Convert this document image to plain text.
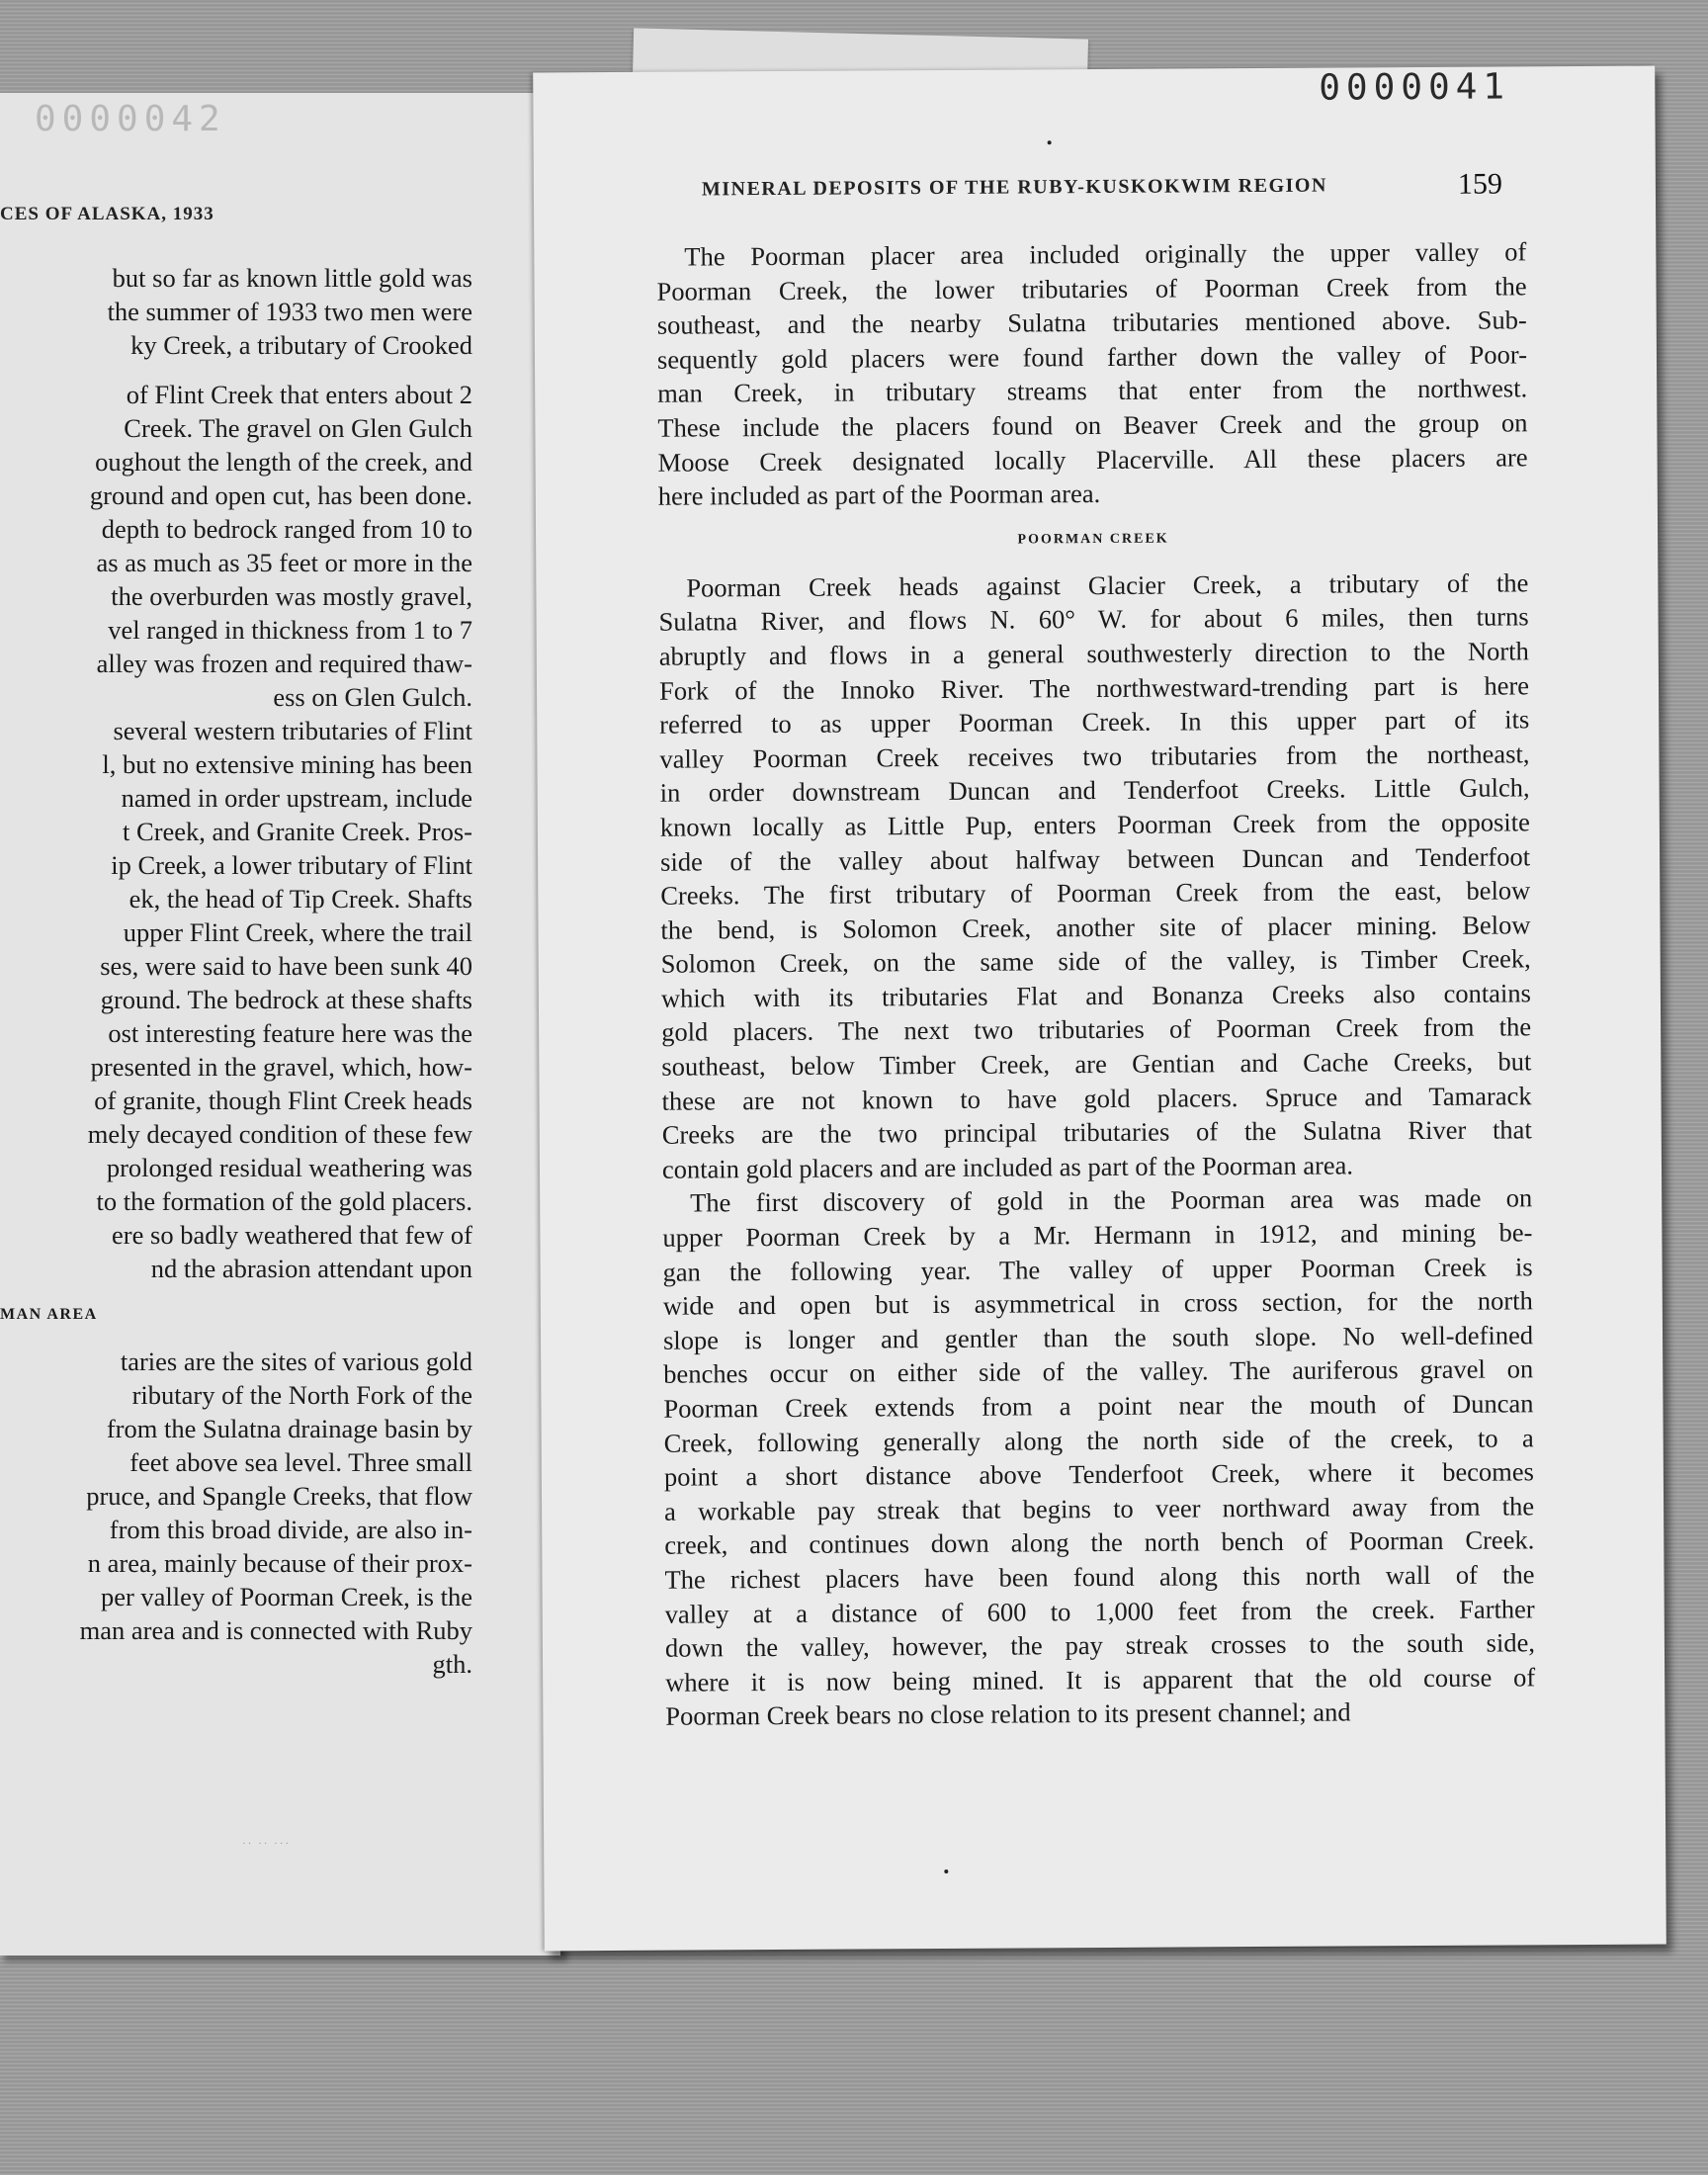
0000042
CES OF ALASKA, 1933
but so far as known little gold was
the summer of 1933 two men were
ky Creek, a tributary of Crooked
of Flint Creek that enters about 2
Creek. The gravel on Glen Gulch
oughout the length of the creek, and
ground and open cut, has been done.
depth to bedrock ranged from 10 to
as as much as 35 feet or more in the
the overburden was mostly gravel,
vel ranged in thickness from 1 to 7
alley was frozen and required thaw-
ess on Glen Gulch.
several western tributaries of Flint
l, but no extensive mining has been
named in order upstream, include
t Creek, and Granite Creek. Pros-
ip Creek, a lower tributary of Flint
ek, the head of Tip Creek. Shafts
upper Flint Creek, where the trail
ses, were said to have been sunk 40
ground. The bedrock at these shafts
ost interesting feature here was the
presented in the gravel, which, how-
of granite, though Flint Creek heads
mely decayed condition of these few
prolonged residual weathering was
to the formation of the gold placers.
ere so badly weathered that few of
nd the abrasion attendant upon
MAN AREA
taries are the sites of various gold
ributary of the North Fork of the
from the Sulatna drainage basin by
feet above sea level. Three small
pruce, and Spangle Creeks, that flow
from this broad divide, are also in-
n area, mainly because of their prox-
per valley of Poorman Creek, is the
man area and is connected with Ruby
gth.
·· ·· ···
0000041
MINERAL DEPOSITS OF THE RUBY-KUSKOKWIM REGION	159
The Poorman placer area included originally the upper valley of
Poorman Creek, the lower tributaries of Poorman Creek from the
southeast, and the nearby Sulatna tributaries mentioned above. Sub-
sequently gold placers were found farther down the valley of Poor-
man Creek, in tributary streams that enter from the northwest.
These include the placers found on Beaver Creek and the group on
Moose Creek designated locally Placerville. All these placers are
here included as part of the Poorman area.
POORMAN CREEK
Poorman Creek heads against Glacier Creek, a tributary of the
Sulatna River, and flows N. 60° W. for about 6 miles, then turns
abruptly and flows in a general southwesterly direction to the North
Fork of the Innoko River. The northwestward-trending part is here
referred to as upper Poorman Creek. In this upper part of its
valley Poorman Creek receives two tributaries from the northeast,
in order downstream Duncan and Tenderfoot Creeks. Little Gulch,
known locally as Little Pup, enters Poorman Creek from the opposite
side of the valley about halfway between Duncan and Tenderfoot
Creeks. The first tributary of Poorman Creek from the east, below
the bend, is Solomon Creek, another site of placer mining. Below
Solomon Creek, on the same side of the valley, is Timber Creek,
which with its tributaries Flat and Bonanza Creeks also contains
gold placers. The next two tributaries of Poorman Creek from the
southeast, below Timber Creek, are Gentian and Cache Creeks, but
these are not known to have gold placers. Spruce and Tamarack
Creeks are the two principal tributaries of the Sulatna River that
contain gold placers and are included as part of the Poorman area.
The first discovery of gold in the Poorman area was made on
upper Poorman Creek by a Mr. Hermann in 1912, and mining be-
gan the following year. The valley of upper Poorman Creek is
wide and open but is asymmetrical in cross section, for the north
slope is longer and gentler than the south slope. No well-defined
benches occur on either side of the valley. The auriferous gravel on
Poorman Creek extends from a point near the mouth of Duncan
Creek, following generally along the north side of the creek, to a
point a short distance above Tenderfoot Creek, where it becomes
a workable pay streak that begins to veer northward away from the
creek, and continues down along the north bench of Poorman Creek.
The richest placers have been found along this north wall of the
valley at a distance of 600 to 1,000 feet from the creek. Farther
down the valley, however, the pay streak crosses to the south side,
where it is now being mined. It is apparent that the old course of
Poorman Creek bears no close relation to its present channel; and
